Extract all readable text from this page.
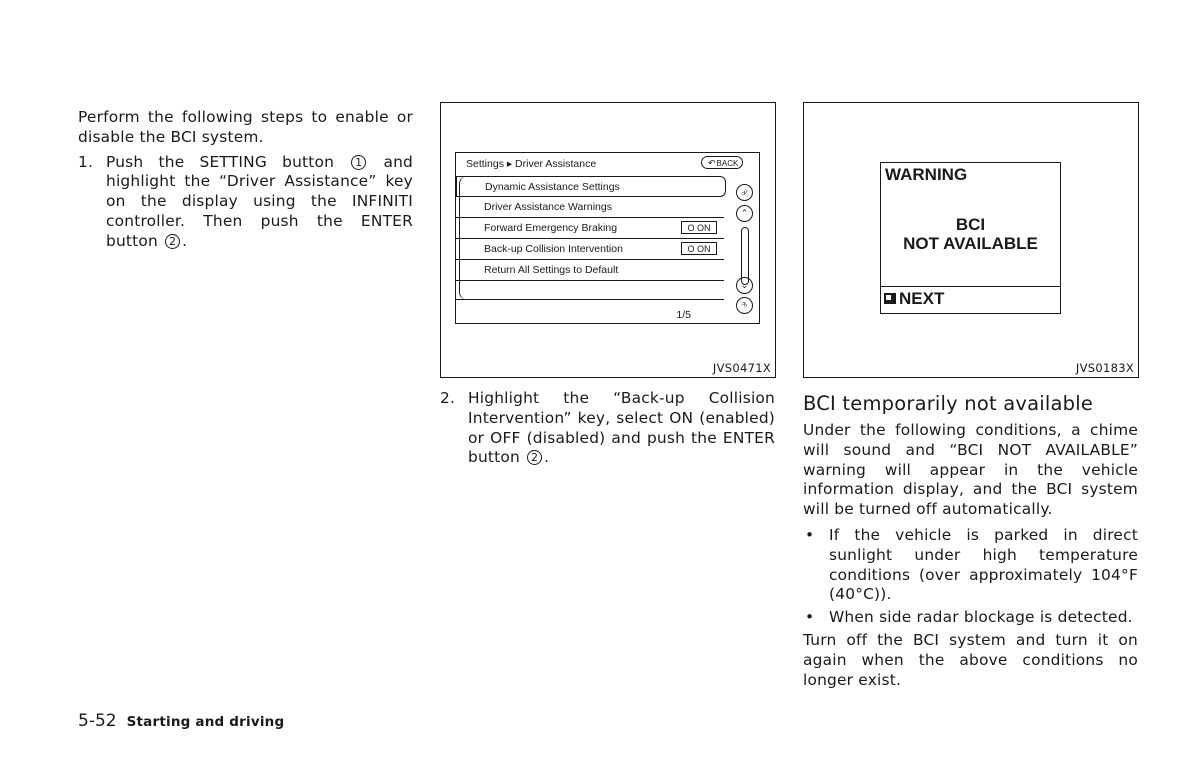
Perform the following steps to enable or disable the BCI system.

1. Push the SETTING button 1 and highlight the “Driver Assistance” key on the display using the INFINITI controller. Then push the ENTER button 2 .
Settings ▸ Driver Assistance	↶BACK
Dynamic Assistance Settings
Driver Assistance Warnings
Forward Emergency Braking	O ON
Back-up Collision Intervention	O ON
Return All Settings to Default
1/5
⮵
⌃
⌄
⮷
JVS0471X
2. Highlight the “Back-up Collision Intervention” key, select ON (enabled) or OFF (disabled) and push the ENTER button 2 .
WARNING
BCI
NOT AVAILABLE
NEXT
JVS0183X
BCI temporarily not available

Under the following conditions, a chime will sound and “BCI NOT AVAILABLE” warning will appear in the vehicle information display, and the BCI system will be turned off automatically.

• If the vehicle is parked in direct sunlight under high temperature conditions (over approximately 104°F (40°C)).
• When side radar blockage is detected.

Turn off the BCI system and turn it on again when the above conditions no longer exist.

5-52 Starting and driving
